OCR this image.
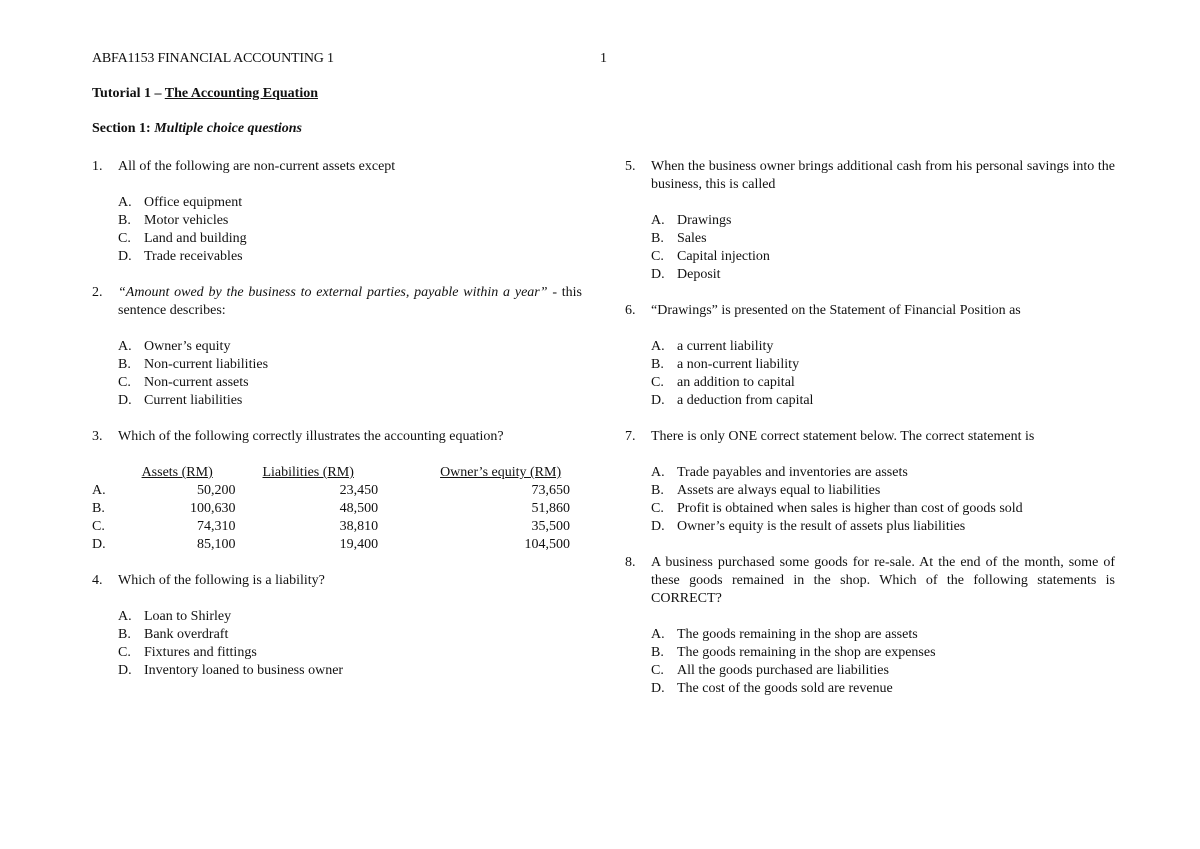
ABFA1153 FINANCIAL ACCOUNTING 1	1
Tutorial 1 – The Accounting Equation
Section 1: Multiple choice questions
1.	All of the following are non-current assets except
A. Office equipment
B. Motor vehicles
C. Land and building
D. Trade receivables
2.	“Amount owed by the business to external parties, payable within a year” - this sentence describes:
A. Owner’s equity
B. Non-current liabilities
C. Non-current assets
D. Current liabilities
3.	Which of the following correctly illustrates the accounting equation?
	Assets (RM)	Liabilities (RM)	Owner’s equity (RM)
A.	50,200	23,450	73,650
B.	100,630	48,500	51,860
C.	74,310	38,810	35,500
D.	85,100	19,400	104,500
4.	Which of the following is a liability?
A. Loan to Shirley
B. Bank overdraft
C. Fixtures and fittings
D. Inventory loaned to business owner
5.	When the business owner brings additional cash from his personal savings into the business, this is called
A. Drawings
B. Sales
C. Capital injection
D. Deposit
6.	“Drawings” is presented on the Statement of Financial Position as
A. a current liability
B. a non-current liability
C. an addition to capital
D. a deduction from capital
7.	There is only ONE correct statement below. The correct statement is
A. Trade payables and inventories are assets
B. Assets are always equal to liabilities
C. Profit is obtained when sales is higher than cost of goods sold
D. Owner’s equity is the result of assets plus liabilities
8.	A business purchased some goods for re-sale. At the end of the month, some of these goods remained in the shop. Which of the following statements is CORRECT?
A. The goods remaining in the shop are assets
B. The goods remaining in the shop are expenses
C. All the goods purchased are liabilities
D. The cost of the goods sold are revenue
